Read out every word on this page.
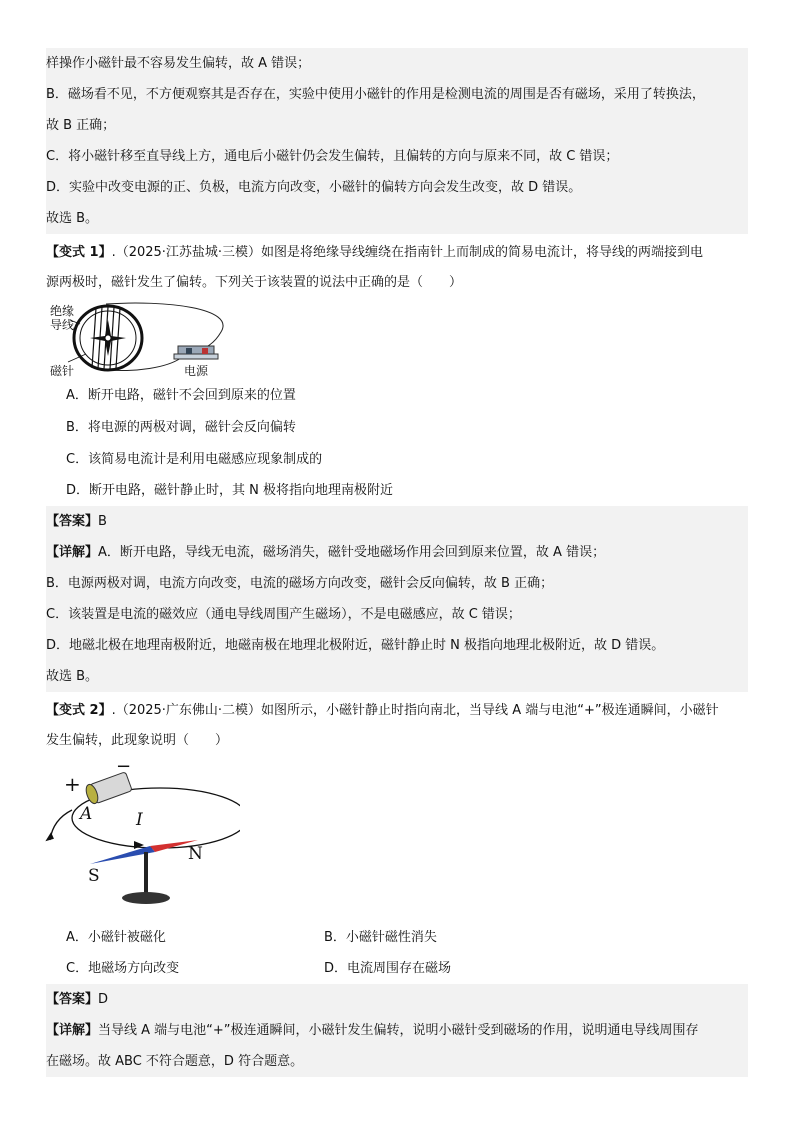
样操作小磁针最不容易发生偏转，故 A 错误；
B．磁场看不见，不方便观察其是否存在，实验中使用小磁针的作用是检测电流的周围是否有磁场，采用了转换法，
故 B 正确；
C．将小磁针移至直导线上方，通电后小磁针仍会发生偏转，且偏转的方向与原来不同，故 C 错误；
D．实验中改变电源的正、负极，电流方向改变，小磁针的偏转方向会发生改变，故 D 错误。
故选 B。
【变式 1】.（2025·江苏盐城·三模）如图是将绝缘导线缠绕在指南针上而制成的简易电流计，将导线的两端接到电
源两极时，磁针发生了偏转。下列关于该装置的说法中正确的是（　　）
绝缘
导线
磁针	电源
A．断开电路，磁针不会回到原来的位置
B．将电源的两极对调，磁针会反向偏转
C．该简易电流计是利用电磁感应现象制成的
D．断开电路，磁针静止时，其 N 极将指向地理南极附近
【答案】B
【详解】A．断开电路，导线无电流，磁场消失，磁针受地磁场作用会回到原来位置，故 A 错误；
B．电源两极对调，电流方向改变，电流的磁场方向改变，磁针会反向偏转，故 B 正确；
C．该装置是电流的磁效应（通电导线周围产生磁场），不是电磁感应，故 C 错误；
D．地磁北极在地理南极附近，地磁南极在地理北极附近，磁针静止时 N 极指向地理北极附近，故 D 错误。
故选 B。
【变式 2】.（2025·广东佛山·二模）如图所示，小磁针静止时指向南北，当导线 A 端与电池“+”极连通瞬间，小磁针
发生偏转，此现象说明（　　）
−
+
A	I
N
S
A．小磁针被磁化	B．小磁针磁性消失
C．地磁场方向改变	D．电流周围存在磁场
【答案】D
【详解】当导线 A 端与电池“+”极连通瞬间，小磁针发生偏转，说明小磁针受到磁场的作用，说明通电导线周围存
在磁场。故 ABC 不符合题意，D 符合题意。
